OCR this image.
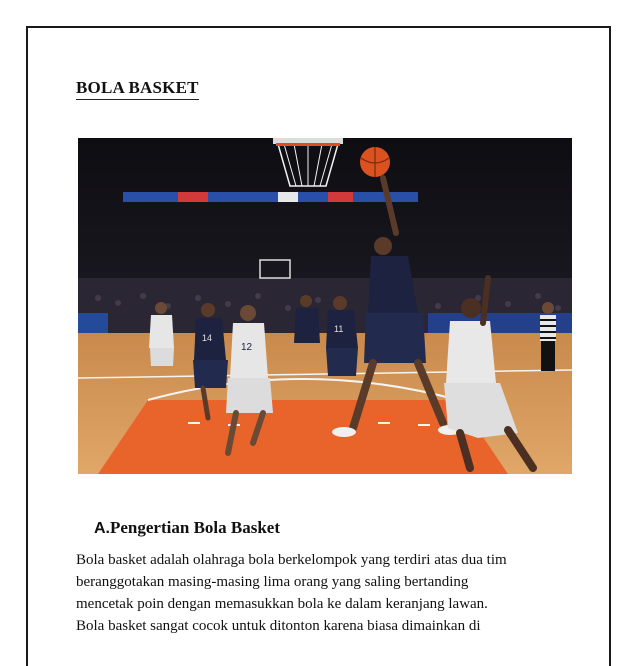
BOLA BASKET
12
14
11
A.Pengertian Bola Basket

Bola basket adalah olahraga bola berkelompok yang terdiri atas dua tim

beranggotakan masing-masing lima orang yang saling bertanding

mencetak poin dengan memasukkan bola ke dalam keranjang lawan.

Bola basket sangat cocok untuk ditonton karena biasa dimainkan di
